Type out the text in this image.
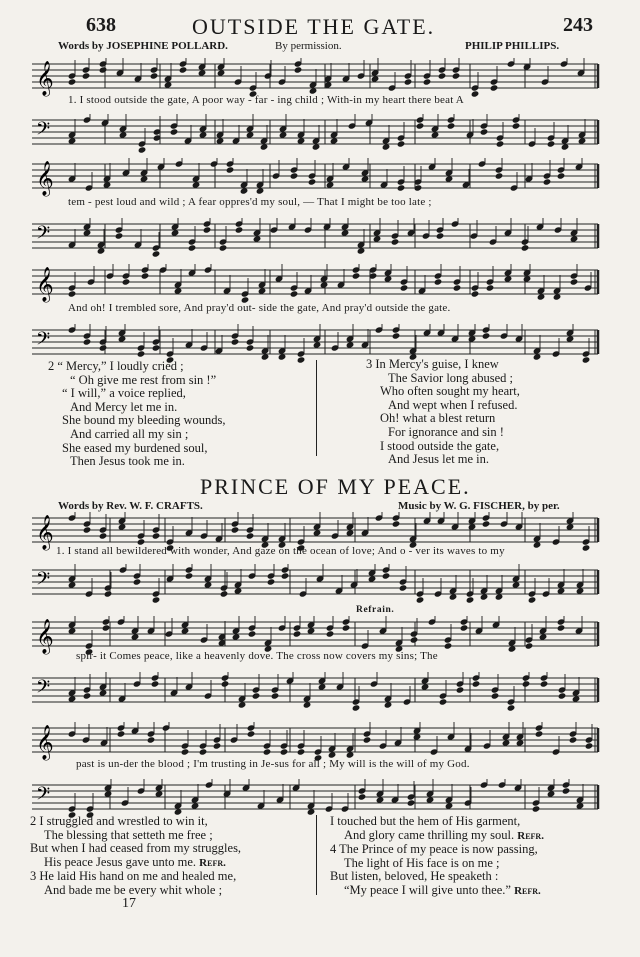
638	OUTSIDE THE GATE.	243
Words by JOSEPHINE POLLARD.	By permission.	PHILIP PHILLIPS.
𝄞
𝄢
𝄞
𝄢
𝄞
𝄢
1. I stood outside the gate, A poor way - far - ing child ; With-in my heart there beat A
tem - pest loud and wild ; A fear oppres'd my soul, — That I might be too late ;
And oh! I trembled sore, And pray'd out- side the gate, And pray'd outside the gate.
2 “ Mercy,” I loudly cried ;
“ Oh give me rest from sin !”
“ I will,” a voice replied,
And Mercy let me in.
She bound my bleeding wounds,
And carried all my sin ;
She eased my burdened soul,
Then Jesus took me in.
3 In Mercy's guise, I knew
The Savior long abused ;
Who often sought my heart,
And wept when I refused.
Oh! what a blest return
For ignorance and sin !
I stood outside the gate,
And Jesus let me in.
PRINCE OF MY PEACE.
Words by Rev. W. F. CRAFTS.	Music by W. G. FISCHER, by per.
𝄞
𝄢
𝄞
𝄢
𝄞
𝄢
1. I stand all bewildered with wonder, And gaze on the ocean of love; And o - ver its waves to my
Refrain.
spir- it Comes peace, like a heavenly dove. The cross now covers my sins; The
past is un-der the blood ; I'm trusting in Je-sus for all ; My will is the will of my God.
2 I struggled and wrestled to win it,
The blessing that setteth me free ;
But when I had ceased from my struggles,
His peace Jesus gave unto me. Refr.
3 He laid His hand on me and healed me,
And bade me be every whit whole ;
I touched but the hem of His garment,
And glory came thrilling my soul. Refr.
4 The Prince of my peace is now passing,
The light of His face is on me ;
But listen, beloved, He speaketh :
“My peace I will give unto thee.” Refr.
17
